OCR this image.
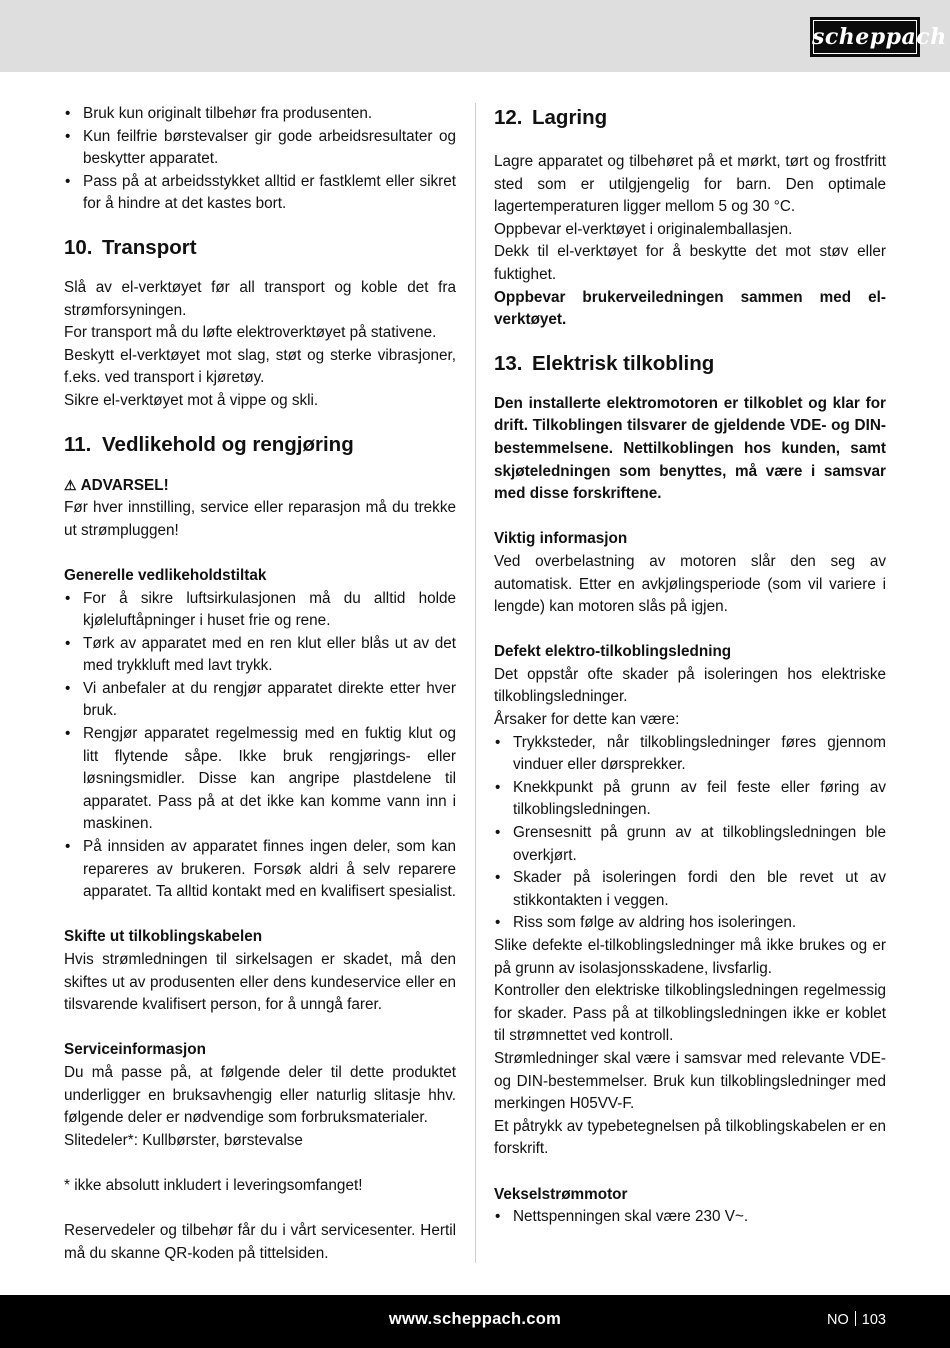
scheppach
• Bruk kun originalt tilbehør fra produsenten.
• Kun feilfrie børstevalser gir gode arbeidsresultater og beskytter apparatet.
• Pass på at arbeidsstykket alltid er fastklemt eller sikret for å hindre at det kastes bort.
10. Transport

Slå av el-verktøyet før all transport og koble det fra strømforsyningen.

For transport må du løfte elektroverktøyet på stativene.

Beskytt el-verktøyet mot slag, støt og sterke vibrasjoner, f.eks. ved transport i kjøretøy.

Sikre el-verktøyet mot å vippe og skli.

11. Vedlikehold og rengjøring

⚠ ADVARSEL!

Før hver innstilling, service eller reparasjon må du trekke ut strømpluggen!

Generelle vedlikeholdstiltak
• For å sikre luftsirkulasjonen må du alltid holde kjøleluftåpninger i huset frie og rene.
• Tørk av apparatet med en ren klut eller blås ut av det med trykkluft med lavt trykk.
• Vi anbefaler at du rengjør apparatet direkte etter hver bruk.
• Rengjør apparatet regelmessig med en fuktig klut og litt flytende såpe. Ikke bruk rengjørings- eller løsningsmidler. Disse kan angripe plastdelene til apparatet. Pass på at det ikke kan komme vann inn i maskinen.
• På innsiden av apparatet finnes ingen deler, som kan repareres av brukeren. Forsøk aldri å selv reparere apparatet. Ta alltid kontakt med en kvalifisert spesialist.
Skifte ut tilkoblingskabelen

Hvis strømledningen til sirkelsagen er skadet, må den skiftes ut av produsenten eller dens kundeservice eller en tilsvarende kvalifisert person, for å unngå farer.

Serviceinformasjon

Du må passe på, at følgende deler til dette produktet underligger en bruksavhengig eller naturlig slitasje hhv. følgende deler er nødvendige som forbruksmaterialer.

Slitedeler*: Kullbørster, børstevalse

* ikke absolutt inkludert i leveringsomfanget!

Reservedeler og tilbehør får du i vårt servicesenter. Hertil må du skanne QR-koden på tittelsiden.

12. Lagring

Lagre apparatet og tilbehøret på et mørkt, tørt og frostfritt sted som er utilgjengelig for barn. Den optimale lagertemperaturen ligger mellom 5 og 30 °C.

Oppbevar el-verktøyet i originalemballasjen.

Dekk til el-verktøyet for å beskytte det mot støv eller fuktighet.

Oppbevar brukerveiledningen sammen med el-verktøyet.

13. Elektrisk tilkobling

Den installerte elektromotoren er tilkoblet og klar for drift. Tilkoblingen tilsvarer de gjeldende VDE- og DIN-bestemmelsene. Nettilkoblingen hos kunden, samt skjøteledningen som benyttes, må være i samsvar med disse forskriftene.

Viktig informasjon

Ved overbelastning av motoren slår den seg av automatisk. Etter en avkjølingsperiode (som vil variere i lengde) kan motoren slås på igjen.

Defekt elektro-tilkoblingsledning

Det oppstår ofte skader på isoleringen hos elektriske tilkoblingsledninger.

Årsaker for dette kan være:

• Trykksteder, når tilkoblingsledninger føres gjennom vinduer eller dørsprekker.
• Knekkpunkt på grunn av feil feste eller føring av tilkoblingsledningen.
• Grensesnitt på grunn av at tilkoblingsledningen ble overkjørt.
• Skader på isoleringen fordi den ble revet ut av stikkontakten i veggen.
• Riss som følge av aldring hos isoleringen.

Slike defekte el-tilkoblingsledninger må ikke brukes og er på grunn av isolasjonsskadene, livsfarlig.

Kontroller den elektriske tilkoblingsledningen regelmessig for skader. Pass på at tilkoblingsledningen ikke er koblet til strømnettet ved kontroll.

Strømledninger skal være i samsvar med relevante VDE- og DIN-bestemmelser. Bruk kun tilkoblingsledninger med merkingen H05VV-F.

Et påtrykk av typebetegnelsen på tilkoblingskabelen er en forskrift.

Vekselstrømmotor
• Nettspenningen skal være 230 V~.
www.scheppach.com	NO 103
